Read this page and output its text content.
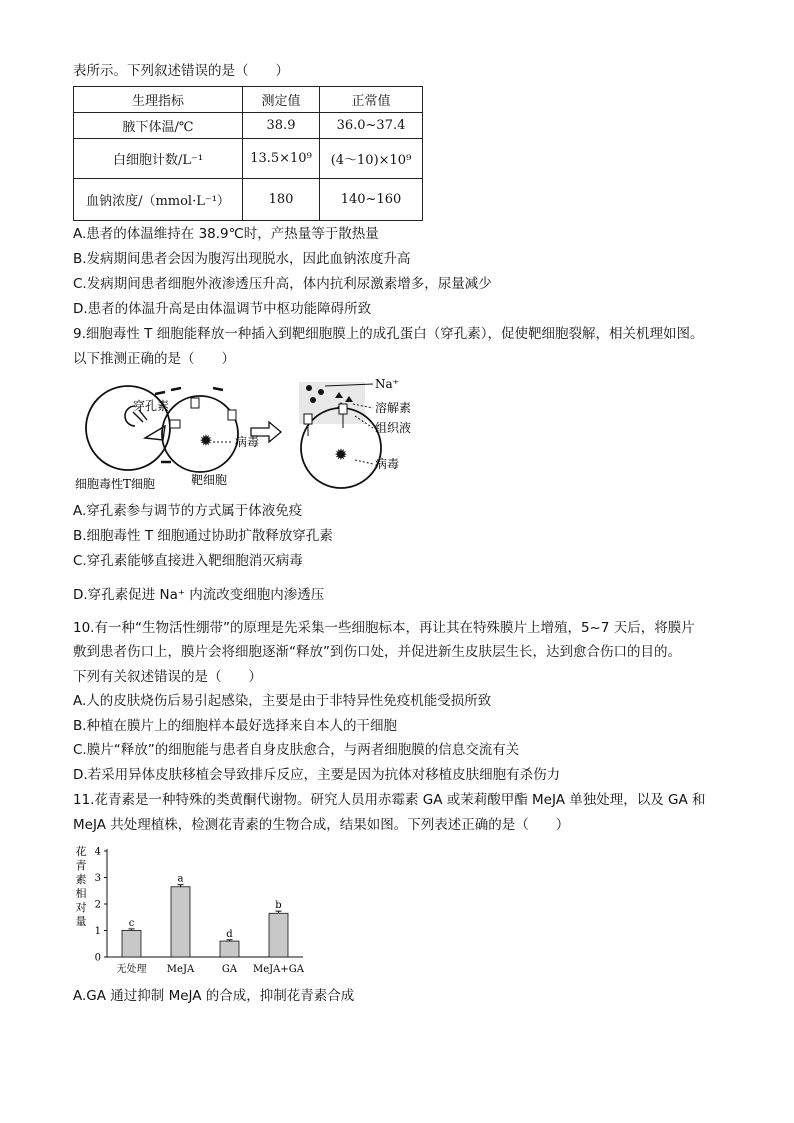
表所示。下列叙述错误的是（　　）
生理指标	测定值	正常值
腋下体温/℃	38.9	36.0~37.4
白细胞计数/L⁻¹	13.5×10⁹	(4～10)×10⁹
血钠浓度/（mmol·L⁻¹）	180	140~160
A.患者的体温维持在 38.9℃时，产热量等于散热量
B.发病期间患者会因为腹泻出现脱水，因此血钠浓度升高
C.发病期间患者细胞外液渗透压升高，体内抗利尿激素增多，尿量减少
D.患者的体温升高是由体温调节中枢功能障碍所致
9.细胞毒性 T 细胞能释放一种插入到靶细胞膜上的成孔蛋白（穿孔素），促使靶细胞裂解，相关机理如图。
以下推测正确的是（　　）
✹
穿孔素
细胞毒性T细胞	靶细胞
病毒
✹
Na⁺
溶解素
组织液
病毒
A.穿孔素参与调节的方式属于体液免疫
B.细胞毒性 T 细胞通过协助扩散释放穿孔素
C.穿孔素能够直接进入靶细胞消灭病毒
D.穿孔素促进 Na⁺ 内流改变细胞内渗透压
10.有一种“生物活性绷带”的原理是先采集一些细胞标本，再让其在特殊膜片上增殖，5~7 天后，将膜片
敷到患者伤口上，膜片会将细胞逐渐“释放”到伤口处，并促进新生皮肤层生长，达到愈合伤口的目的。
下列有关叙述错误的是（　　）
A.人的皮肤烧伤后易引起感染，主要是由于非特异性免疫机能受损所致
B.种植在膜片上的细胞样本最好选择来自本人的干细胞
C.膜片“释放”的细胞能与患者自身皮肤愈合，与两者细胞膜的信息交流有关
D.若采用异体皮肤移植会导致排斥反应，主要是因为抗体对移植皮肤细胞有杀伤力
11.花青素是一种特殊的类黄酮代谢物。研究人员用赤霉素 GA 或茉莉酸甲酯 MeJA 单独处理，以及 GA 和
MeJA 共处理植株，检测花青素的生物合成，结果如图。下列表述正确的是（　　）
花
青
素
相
对
量
0
1
2
3
4
c
a
d
b
无处理 MeJA	GA MeJA+GA
A.GA 通过抑制 MeJA 的合成，抑制花青素合成
